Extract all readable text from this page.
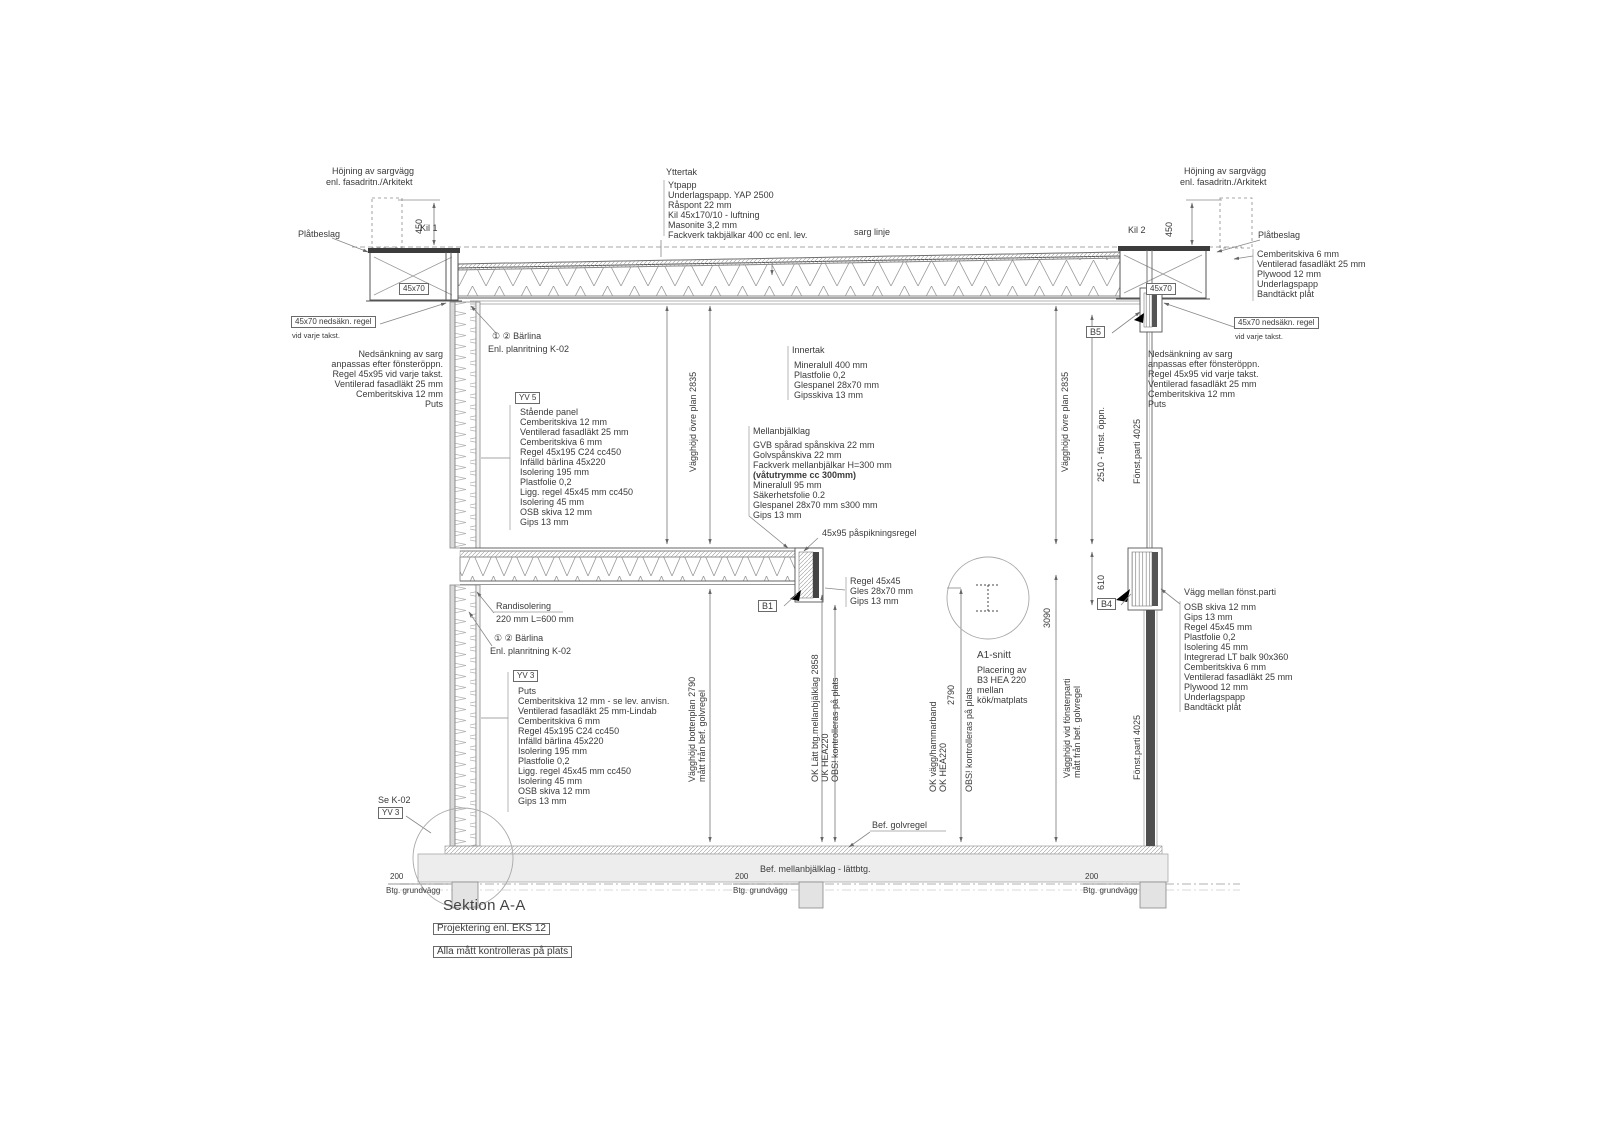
Höjning av sargvägg
enl. fasadritn./Arkitekt
Höjning av sargvägg
enl. fasadritn./Arkitekt
Plåtbeslag	Plåtbeslag
Kil 1	Kil 2
sarg linje
450	450
45x70	45x70
Yttertak
Ytpapp
Underlagspapp. YAP 2500
Råspont 22 mm
Kil 45x170/10 - luftning
Masonite 3,2 mm
Fackverk takbjälkar 400 cc enl. lev.
Cemberitskiva 6 mm
Ventilerad fasadläkt 25 mm
Plywood 12 mm
Underlagspapp
Bandtäckt plåt
45x70 nedsäkn. regel
vid varje takst.
45x70 nedsäkn. regel
vid varje takst.
Nedsänkning av sarg
anpassas efter fönsteröppn.
Regel 45x95 vid varje takst.
Ventilerad fasadläkt 25 mm
Cemberitskiva 12 mm
Puts
Nedsänkning av sarg
anpassas efter fönsteröppn.
Regel 45x95 vid varje takst.
Ventilerad fasadläkt 25 mm
Cemberitskiva 12 mm
Puts
① ② Bärlina
Enl. planritning K-02
YV 5
Stående panel
Cemberitskiva 12 mm
Ventilerad fasadläkt 25 mm
Cemberitskiva 6 mm
Regel 45x195 C24 cc450
Infälld bärlina 45x220
Isolering 195 mm
Plastfolie 0,2
Ligg. regel 45x45 mm cc450
Isolering 45 mm
OSB skiva 12 mm
Gips 13 mm
Innertak
Mineralull 400 mm
Plastfolie 0,2
Glespanel 28x70 mm
Gipsskiva 13 mm
Mellanbjälklag
GVB spårad spånskiva 22 mm
Golvspånskiva 22 mm
Fackverk mellanbjälkar H=300 mm
(våtutrymme cc 300mm)
Mineralull 95 mm
Säkerhetsfolie 0.2
Glespanel 28x70 mm s300 mm
Gips 13 mm
45x95 påspikningsregel
Regel 45x45
Gles 28x70 mm
Gips 13 mm
B1
Randisolering
220 mm L=600 mm
① ② Bärlina
Enl. planritning K-02
YV 3
Puts
Cemberitskiva 12 mm - se lev. anvisn.
Ventilerad fasadläkt 25 mm-Lindab
Cemberitskiva 6 mm
Regel 45x195 C24 cc450
Infälld bärlina 45x220
Isolering 195 mm
Plastfolie 0,2
Ligg. regel 45x45 mm cc450
Isolering 45 mm
OSB skiva 12 mm
Gips 13 mm
Se K-02
YV 3
A1-snitt
Placering av
B3 HEA 220
mellan
kök/matplats
Vägg mellan fönst.parti
OSB skiva 12 mm
Gips 13 mm
Regel 45x45 mm
Plastfolie 0,2
Isolering 45 mm
Integrerad LT balk 90x360
Cemberitskiva 6 mm
Ventilerad fasadläkt 25 mm
Plywood 12 mm
Underlagspapp
Bandtäckt plåt
B5
B4
Bef. golvregel
Bef. mellanbjälklag - lättbtg.
200
Btg. grundvägg
200
Btg. grundvägg
200
Btg. grundvägg
Vägghöjd övre plan 2835
Vägghöjd bottenplan 2790 mått från bef. golvregel	OK Lätt btg.mellanbjälklag 2858 UK HEA220 OBS! kontrolleras på plats	2790
OK vägg/hammarband OK HEA220 OBS! kontrolleras på plats
Vägghöjd övre plan 2835
3090
Vägghöjd vid fönsterparti mått från bef. golvregel
2510 - fönst. öppn.
610
Fönst.parti 4025
Fönst.parti 4025
Sektion A-A
Projektering enl. EKS 12
Alla mått kontrolleras på plats
